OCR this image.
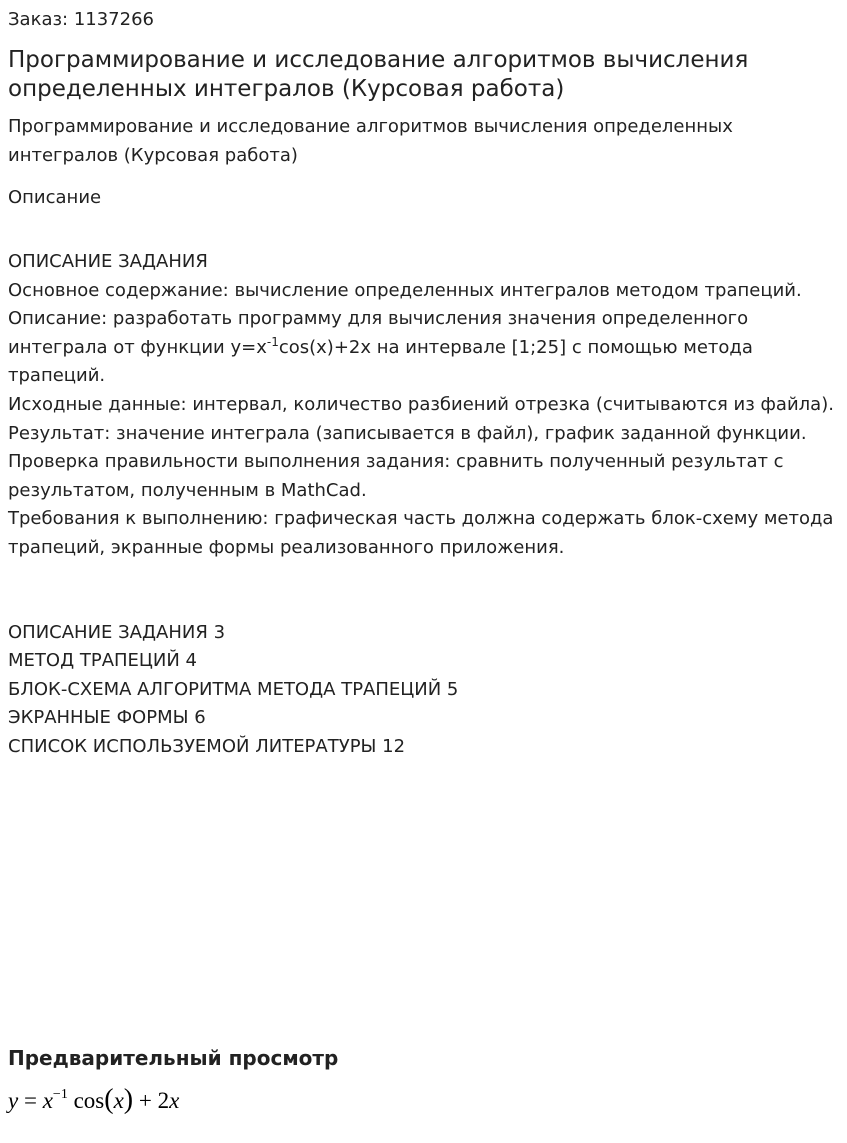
Заказ: 1137266

Программирование и исследование алгоритмов вычисления определенных интегралов (Курсовая работа)

Программирование и исследование алгоритмов вычисления определенных интегралов (Курсовая работа)

Описание

ОПИСАНИЕ ЗАДАНИЯ

Основное содержание: вычисление определенных интегралов методом трапеций.

Описание: разработать программу для вычисления значения определенного интеграла от функции $y=x^{-1}\cos(x)+2x$ на интервале [1;25] с помощью метода трапеций.

Исходные данные: интервал, количество разбиений отрезка (считываются из файла).

Результат: значение интеграла (записывается в файл), график заданной функции.

Проверка правильности выполнения задания: сравнить полученный результат с результатом, полученным в MathCad.

Требования к выполнению: графическая часть должна содержать блок-схему метода трапеций, экранные формы реализованного приложения.

ОПИСАНИЕ ЗАДАНИЯ 3

МЕТОД ТРАПЕЦИЙ 4

БЛОК-СХЕМА АЛГОРИТМА МЕТОДА ТРАПЕЦИЙ 5

ЭКРАННЫЕ ФОРМЫ 6

СПИСОК ИСПОЛЬЗУЕМОЙ ЛИТЕРАТУРЫ 12

Предварительный просмотр
$y = x^{-1}$ cos(x) + 2x
